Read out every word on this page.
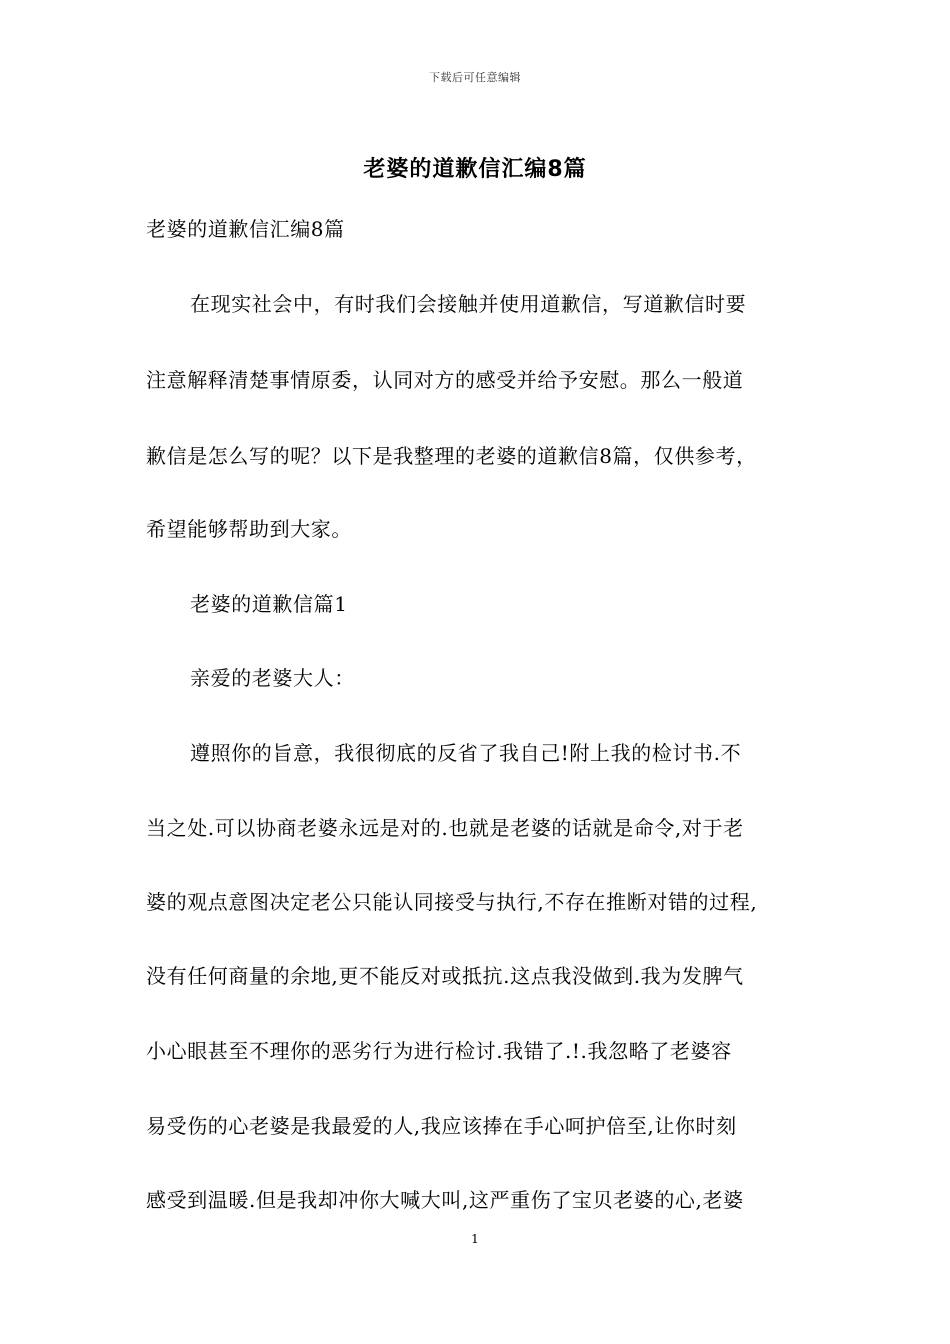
下载后可任意编辑
老婆的道歉信汇编8篇
老婆的道歉信汇编8篇
在现实社会中，有时我们会接触并使用道歉信，写道歉信时要
注意解释清楚事情原委，认同对方的感受并给予安慰。那么一般道
歉信是怎么写的呢？以下是我整理的老婆的道歉信8篇，仅供参考，
希望能够帮助到大家。
老婆的道歉信篇1
亲爱的老婆大人：
遵照你的旨意，我很彻底的反省了我自己!附上我的检讨书.不
当之处.可以协商老婆永远是对的.也就是老婆的话就是命令,对于老
婆的观点意图决定老公只能认同接受与执行,不存在推断对错的过程,
没有任何商量的余地,更不能反对或抵抗.这点我没做到.我为发脾气
小心眼甚至不理你的恶劣行为进行检讨.我错了.!.我忽略了老婆容
易受伤的心老婆是我最爱的人,我应该捧在手心呵护倍至,让你时刻
感受到温暖.但是我却冲你大喊大叫,这严重伤了宝贝老婆的心,老婆
1
